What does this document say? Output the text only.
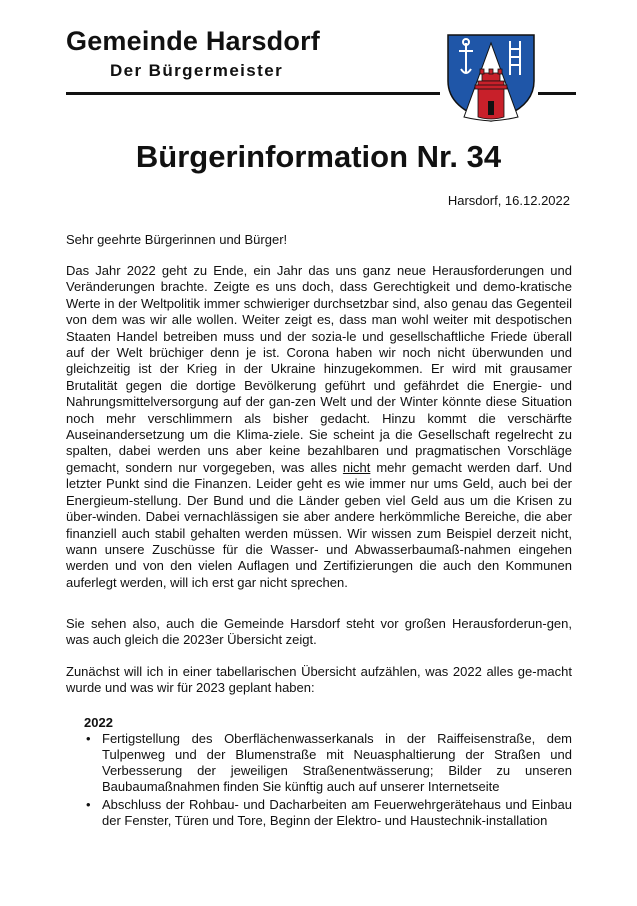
Gemeinde Harsdorf
Der Bürgermeister
Bürgerinformation Nr. 34
Harsdorf, 16.12.2022
Sehr geehrte Bürgerinnen und Bürger!
Das Jahr 2022 geht zu Ende, ein Jahr das uns ganz neue Herausforderungen und Veränderungen brachte. Zeigte es uns doch, dass Gerechtigkeit und demo-kratische Werte in der Weltpolitik immer schwieriger durchsetzbar sind, also genau das Gegenteil von dem was wir alle wollen. Weiter zeigt es, dass man wohl weiter mit despotischen Staaten Handel betreiben muss und der sozia-le und gesellschaftliche Friede überall auf der Welt brüchiger denn je ist. Corona haben wir noch nicht überwunden und gleichzeitig ist der Krieg in der Ukraine hinzugekommen. Er wird mit grausamer Brutalität gegen die dortige Bevölkerung geführt und gefährdet die Energie- und Nahrungsmittelversorgung auf der gan-zen Welt und der Winter könnte diese Situation noch mehr verschlimmern als bisher gedacht. Hinzu kommt die verschärfte Auseinandersetzung um die Klima-ziele. Sie scheint ja die Gesellschaft regelrecht zu spalten, dabei werden uns aber keine bezahlbaren und pragmatischen Vorschläge gemacht, sondern nur vorgegeben, was alles nicht mehr gemacht werden darf. Und letzter Punkt sind die Finanzen. Leider geht es wie immer nur ums Geld, auch bei der Energieum-stellung. Der Bund und die Länder geben viel Geld aus um die Krisen zu über-winden. Dabei vernachlässigen sie aber andere herkömmliche Bereiche, die aber finanziell auch stabil gehalten werden müssen. Wir wissen zum Beispiel derzeit nicht, wann unsere Zuschüsse für die Wasser- und Abwasserbaumaß-nahmen eingehen werden und von den vielen Auflagen und Zertifizierungen die auch den Kommunen auferlegt werden, will ich erst gar nicht sprechen.
Sie sehen also, auch die Gemeinde Harsdorf steht vor großen Herausforderun-gen, was auch gleich die 2023er Übersicht zeigt.
Zunächst will ich in einer tabellarischen Übersicht aufzählen, was 2022 alles ge-macht wurde und was wir für 2023 geplant haben:
2022
• Fertigstellung des Oberflächenwasserkanals in der Raiffeisenstraße, dem Tulpenweg und der Blumenstraße mit Neuasphaltierung der Straßen und Verbesserung der jeweiligen Straßenentwässerung; Bilder zu unseren Baubaumaßnahmen finden Sie künftig auch auf unserer Internetseite
• Abschluss der Rohbau- und Dacharbeiten am Feuerwehrgerätehaus und Einbau der Fenster, Türen und Tore, Beginn der Elektro- und Haustechnik-installation
